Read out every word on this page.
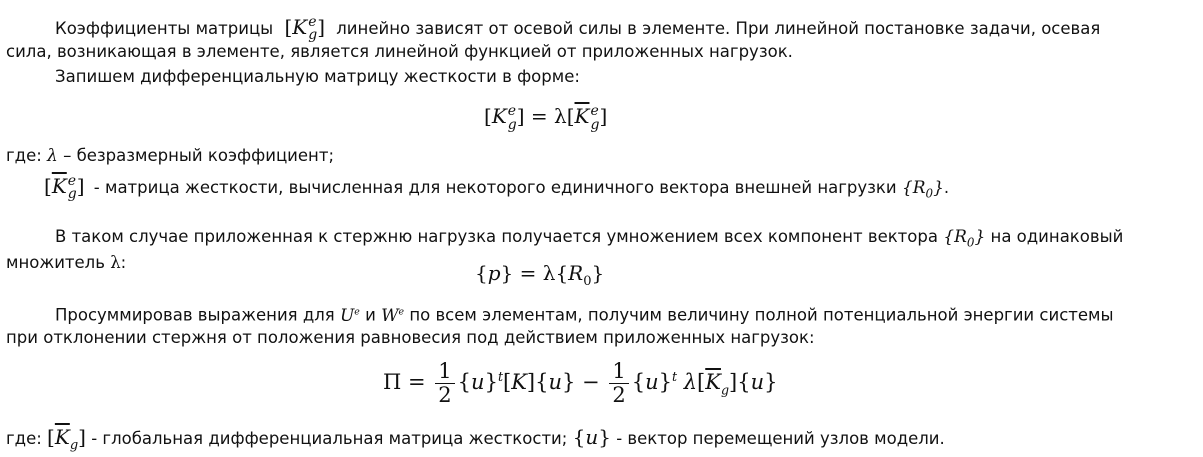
Коэффициенты матрицы [K e
g ] линейно зависят от осевой силы в элементе. При линейной постановке задачи, осевая
сила, возникающая в элементе, является линейной функцией от приложенных нагрузок.
Запишем дифференциальную матрицу жесткости в форме:
[K e
g ] = $\lambda[\overline{K}$ e
g ]
где: λ – безразмерный коэффициент;
[$\overline{K}$ e
g ] - матрица жесткости, вычисленная для некоторого единичного вектора внешней нагрузки $\{R_0\}$.
В таком случае приложенная к стержню нагрузка получается умножением всех компонент вектора $\{R_0\}$ на одинаковый
множитель λ:	$\{p\} = \lambda\{R_0\}$
Просуммировав выражения для $U^e$ и $W^e$ по всем элементам, получим величину полной потенциальной энергии системы
при отклонении стержня от положения равновесия под действием приложенных нагрузок:
$\Pi = \frac{1}{2} \{u\}^t[K]\{u\} - \frac{1}{2} \{u\}^t$ $\lambda[\overline{K}_g]\{u\}$
где: $[\overline{K}_g]$ - глобальная дифференциальная матрица жесткости; {u} - вектор перемещений узлов модели.
